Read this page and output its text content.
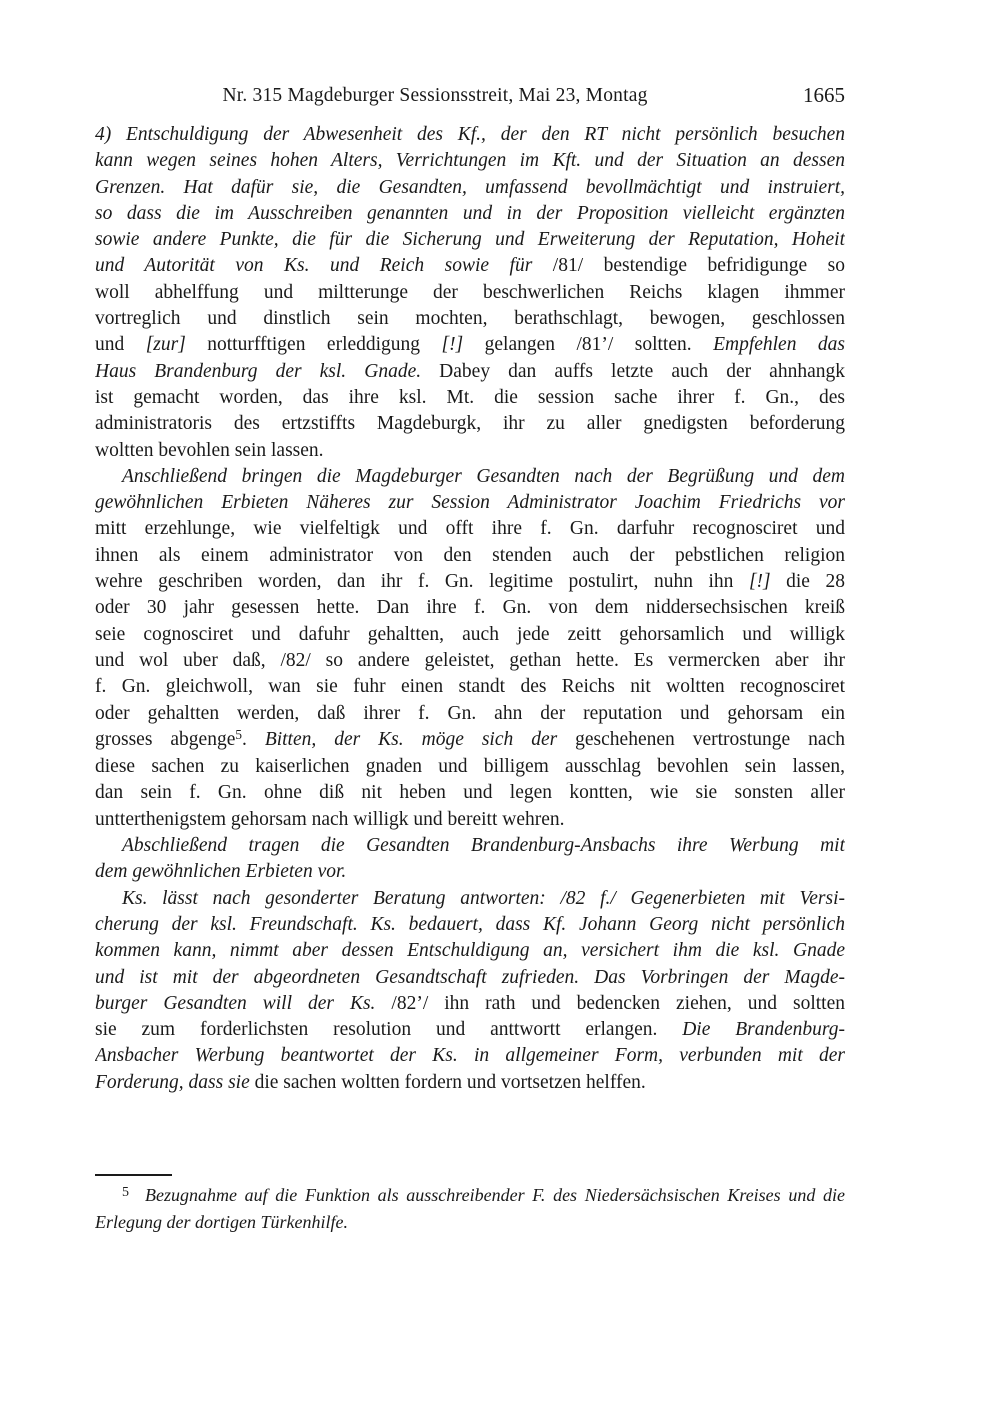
Nr. 315 Magdeburger Sessionsstreit, Mai 23, Montag	1665
4) Entschuldigung der Abwesenheit des Kf., der den RT nicht persönlich besuchen
kann wegen seines hohen Alters, Verrichtungen im Kft. und der Situation an dessen
Grenzen. Hat dafür sie, die Gesandten, umfassend bevollmächtigt und instruiert,
so dass die im Ausschreiben genannten und in der Proposition vielleicht ergänzten
sowie andere Punkte, die für die Sicherung und Erweiterung der Reputation, Hoheit
und Autorität von Ks. und Reich sowie für /81/ bestendige befridigunge so
woll abhelffung und miltterunge der beschwerlichen Reichs klagen ihmmer
vortreglich und dinstlich sein mochten, berathschlagt, bewogen, geschlossen
und [zur] notturfftigen erleddigung [!] gelangen /81’/ soltten. Empfehlen das
Haus Brandenburg der ksl. Gnade. Dabey dan auffs letzte auch der ahnhangk
ist gemacht worden, das ihre ksl. Mt. die session sache ihrer f. Gn., des
administratoris des ertzstiffts Magdeburgk, ihr zu aller gnedigsten beforderung
woltten bevohlen sein lassen.
Anschließend bringen die Magdeburger Gesandten nach der Begrüßung und dem
gewöhnlichen Erbieten Näheres zur Session Administrator Joachim Friedrichs vor
mitt erzehlunge, wie vielfeltigk und offt ihre f. Gn. darfuhr recognosciret und
ihnen als einem administrator von den stenden auch der pebstlichen religion
wehre geschriben worden, dan ihr f. Gn. legitime postulirt, nuhn ihn [!] die 28
oder 30 jahr gesessen hette. Dan ihre f. Gn. von dem niddersechsischen kreiß
seie cognosciret und dafuhr gehaltten, auch jede zeitt gehorsamlich und willigk
und wol uber daß, /82/ so andere geleistet, gethan hette. Es vermercken aber ihr
f. Gn. gleichwoll, wan sie fuhr einen standt des Reichs nit woltten recognosciret
oder gehaltten werden, daß ihrer f. Gn. ahn der reputation und gehorsam ein
grosses abgenge$^5$. Bitten, der Ks. möge sich der geschehenen vertrostunge nach
diese sachen zu kaiserlichen gnaden und billigem ausschlag bevohlen sein lassen,
dan sein f. Gn. ohne diß nit heben und legen kontten, wie sie sonsten aller
untterthenigstem gehorsam nach willigk und bereitt wehren.
Abschließend tragen die Gesandten Brandenburg-Ansbachs ihre Werbung mit
dem gewöhnlichen Erbieten vor.
Ks. lässt nach gesonderter Beratung antworten: /82 f./ Gegenerbieten mit Versi-
cherung der ksl. Freundschaft. Ks. bedauert, dass Kf. Johann Georg nicht persönlich
kommen kann, nimmt aber dessen Entschuldigung an, versichert ihm die ksl. Gnade
und ist mit der abgeordneten Gesandtschaft zufrieden. Das Vorbringen der Magde-
burger Gesandten will der Ks. /82’/ ihn rath und bedencken ziehen, und soltten
sie zum forderlichsten resolution und anttwortt erlangen. Die Brandenburg-
Ansbacher Werbung beantwortet der Ks. in allgemeiner Form, verbunden mit der
Forderung, dass sie die sachen woltten fordern und vortsetzen helffen.
$^5$ Bezugnahme auf die Funktion als ausschreibender F. des Niedersächsischen Kreises und die
Erlegung der dortigen Türkenhilfe.
